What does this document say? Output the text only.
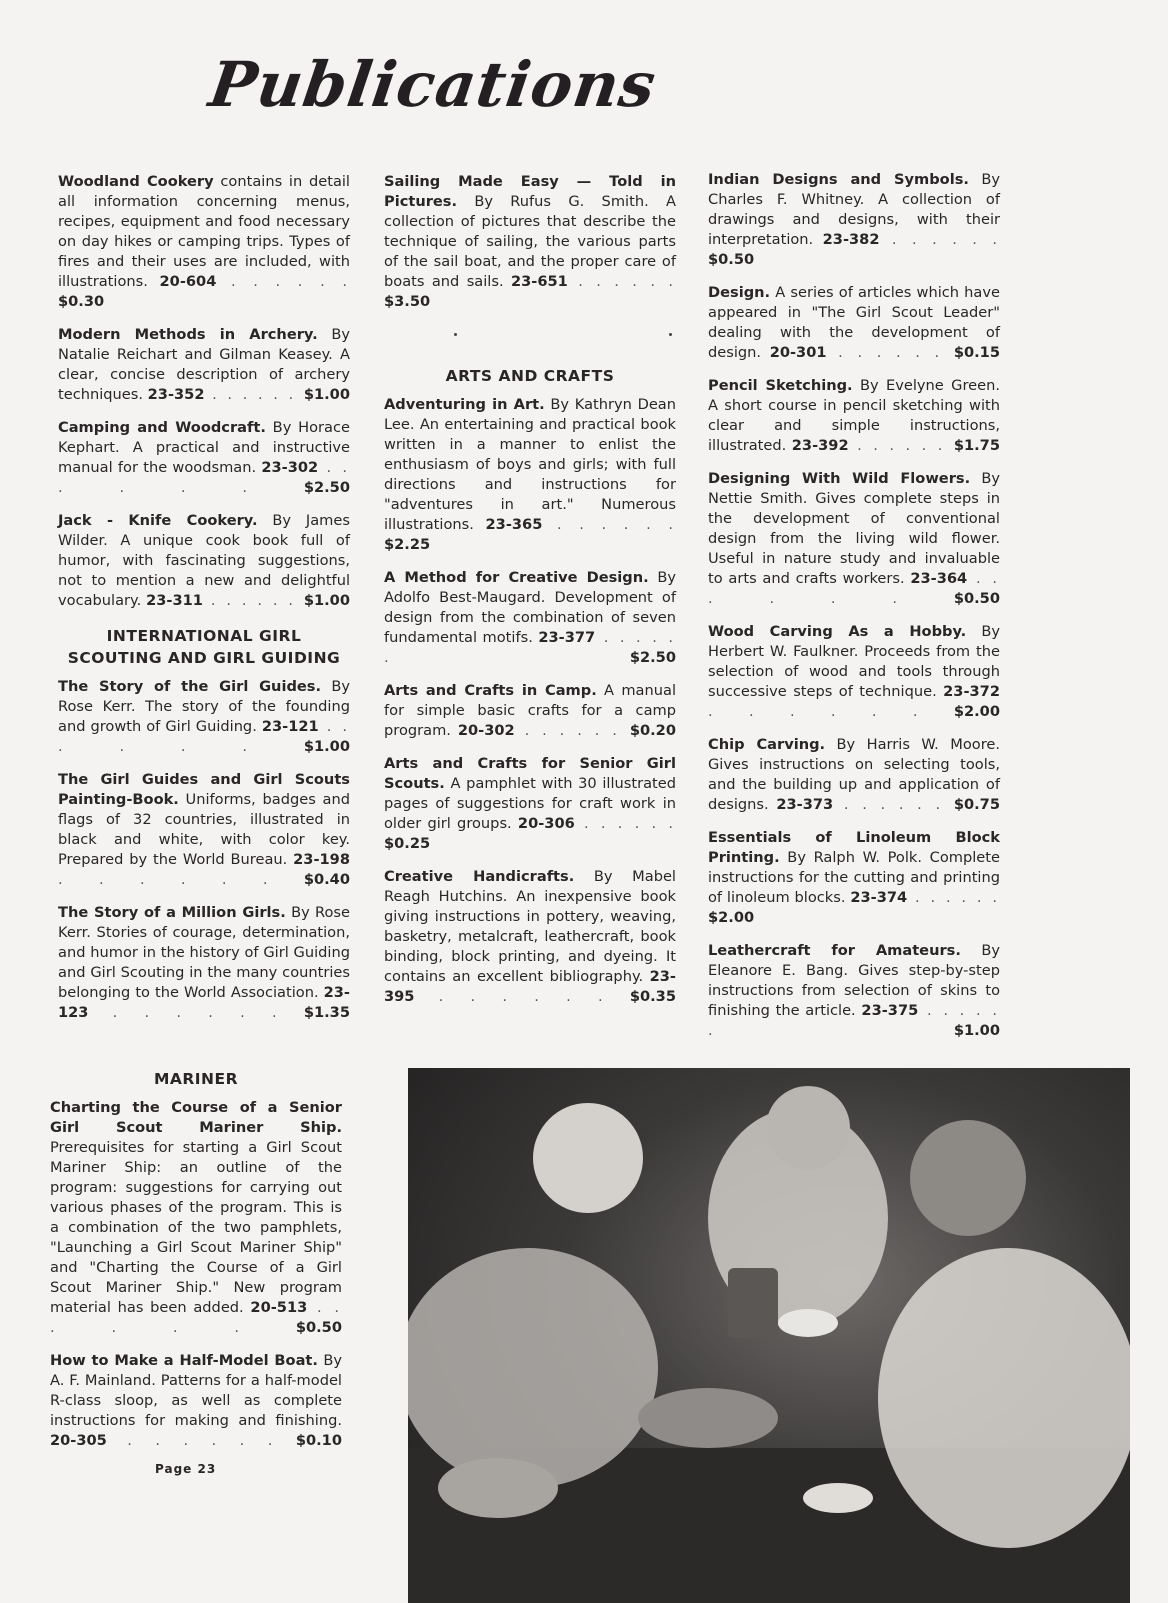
Publications

Woodland Cookery contains in detail all information concerning menus, recipes, equipment and food necessary on day hikes or camping trips. Types of fires and their uses are included, with illustrations. 20-604 . . . . . . $0.30

Modern Methods in Archery. By Natalie Reichart and Gilman Keasey. A clear, concise description of archery techniques. 23-352 . . . . . . $1.00

Camping and Woodcraft. By Horace Kephart. A practical and instructive manual for the woodsman. 23-302 . . . . . . $2.50

Jack - Knife Cookery. By James Wilder. A unique cook book full of humor, with fascinating suggestions, not to mention a new and delightful vocabulary. 23-311 . . . . . . $1.00

INTERNATIONAL GIRL SCOUTING AND GIRL GUIDING

The Story of the Girl Guides. By Rose Kerr. The story of the founding and growth of Girl Guiding. 23-121 . . . . . . $1.00

The Girl Guides and Girl Scouts Painting-Book. Uniforms, badges and flags of 32 countries, illustrated in black and white, with color key. Prepared by the World Bureau. 23-198 . . . . . . $0.40

The Story of a Million Girls. By Rose Kerr. Stories of courage, determination, and humor in the history of Girl Guiding and Girl Scouting in the many countries belonging to the World Association. 23-123 . . . . . . $1.35

Sailing Made Easy — Told in Pictures. By Rufus G. Smith. A collection of pictures that describe the technique of sailing, the various parts of the sail boat, and the proper care of boats and sails. 23-651 . . . . . . $3.50

ARTS AND CRAFTS

Adventuring in Art. By Kathryn Dean Lee. An entertaining and practical book written in a manner to enlist the enthusiasm of boys and girls; with full directions and instructions for "adventures in art." Numerous illustrations. 23-365 . . . . . . $2.25

A Method for Creative Design. By Adolfo Best-Maugard. Development of design from the combination of seven fundamental motifs. 23-377 . . . . . . $2.50

Arts and Crafts in Camp. A manual for simple basic crafts for a camp program. 20-302 . . . . . . $0.20

Arts and Crafts for Senior Girl Scouts. A pamphlet with 30 illustrated pages of suggestions for craft work in older girl groups. 20-306 . . . . . . $0.25

Creative Handicrafts. By Mabel Reagh Hutchins. An inexpensive book giving instructions in pottery, weaving, basketry, metalcraft, leathercraft, book binding, block printing, and dyeing. It contains an excellent bibliography. 23-395 . . . . . . $0.35

Indian Designs and Symbols. By Charles F. Whitney. A collection of drawings and designs, with their interpretation. 23-382 . . . . . . $0.50

Design. A series of articles which have appeared in "The Girl Scout Leader" dealing with the development of design. 20-301 . . . . . . $0.15

Pencil Sketching. By Evelyne Green. A short course in pencil sketching with clear and simple instructions, illustrated. 23-392 . . . . . . $1.75

Designing With Wild Flowers. By Nettie Smith. Gives complete steps in the development of conventional design from the living wild flower. Useful in nature study and invaluable to arts and crafts workers. 23-364 . . . . . . $0.50

Wood Carving As a Hobby. By Herbert W. Faulkner. Proceeds from the selection of wood and tools through successive steps of technique. 23-372 . . . . . . $2.00

Chip Carving. By Harris W. Moore. Gives instructions on selecting tools, and the building up and application of designs. 23-373 . . . . . . $0.75

Essentials of Linoleum Block Printing. By Ralph W. Polk. Complete instructions for the cutting and printing of linoleum blocks. 23-374 . . . . . . $2.00

Leathercraft for Amateurs. By Eleanore E. Bang. Gives step-by-step instructions from selection of skins to finishing the article. 23-375 . . . . . . $1.00

MARINER

Charting the Course of a Senior Girl Scout Mariner Ship. Prerequisites for starting a Girl Scout Mariner Ship: an outline of the program: suggestions for carrying out various phases of the program. This is a combination of the two pamphlets, "Launching a Girl Scout Mariner Ship" and "Charting the Course of a Girl Scout Mariner Ship." New program material has been added. 20-513 . . . . . . $0.50

How to Make a Half-Model Boat. By A. F. Mainland. Patterns for a half-model R-class sloop, as well as complete instructions for making and finishing. 20-305 . . . . . . $0.10

Page 23
